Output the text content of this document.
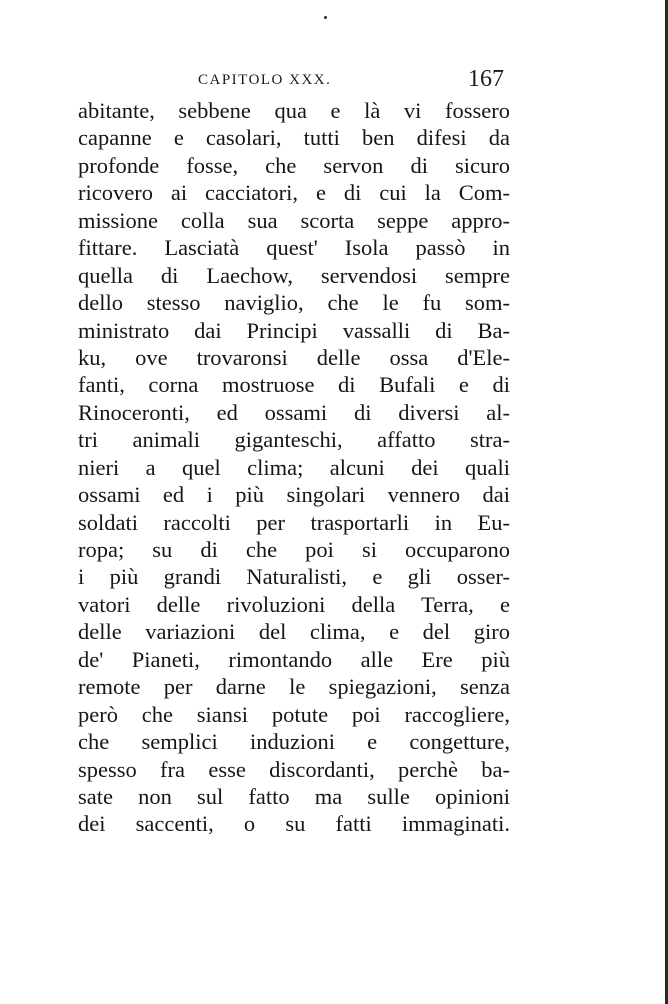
CAPITOLO XXX.	167
abitante, sebbene qua e là vi fossero
capanne e casolari, tutti ben difesi da
profonde fosse, che servon di sicuro
ricovero ai cacciatori, e di cui la Com-
missione colla sua scorta seppe appro-
fittare. Lasciatà quest' Isola passò in
quella di Laechow, servendosi sempre
dello stesso naviglio, che le fu som-
ministrato dai Principi vassalli di Ba-
ku, ove trovaronsi delle ossa d'Ele-
fanti, corna mostruose di Bufali e di
Rinoceronti, ed ossami di diversi al-
tri animali giganteschi, affatto stra-
nieri a quel clima; alcuni dei quali
ossami ed i più singolari vennero dai
soldati raccolti per trasportarli in Eu-
ropa; su di che poi si occuparono
i più grandi Naturalisti, e gli osser-
vatori delle rivoluzioni della Terra, e
delle variazioni del clima, e del giro
de' Pianeti, rimontando alle Ere più
remote per darne le spiegazioni, senza
però che siansi potute poi raccogliere,
che semplici induzioni e congetture,
spesso fra esse discordanti, perchè ba-
sate non sul fatto ma sulle opinioni
dei saccenti, o su fatti immaginati.
